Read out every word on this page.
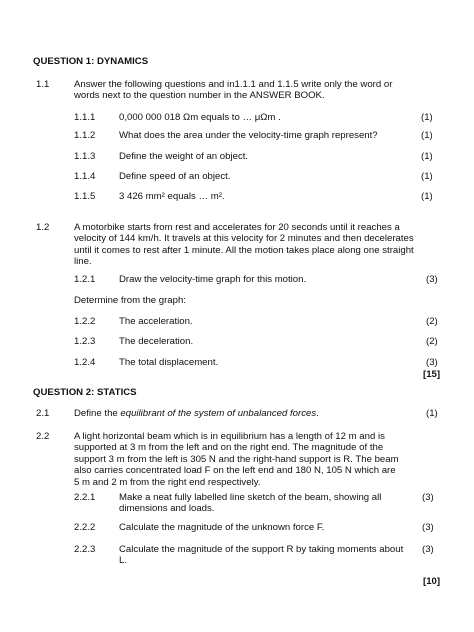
QUESTION 1: DYNAMICS
1.1	Answer the following questions and in1.1.1 and 1.1.5 write only the word or
words next to the question number in the ANSWER BOOK.
1.1.1 0,000 000 018 Ωm equals to … μΩm .	(1)
1.1.2 What does the area under the velocity-time graph represent?	(1)
1.1.3 Define the weight of an object.	(1)
1.1.4 Define speed of an object.	(1)
1.1.5 3 426 mm² equals … m².	(1)
1.2	A motorbike starts from rest and accelerates for 20 seconds until it reaches a
velocity of 144 km/h. It travels at this velocity for 2 minutes and then decelerates
until it comes to rest after 1 minute. All the motion takes place along one straight
line.
1.2.1 Draw the velocity-time graph for this motion.	(3)
Determine from the graph:
1.2.2 The acceleration.	(2)
1.2.3 The deceleration.	(2)
1.2.4 The total displacement.	(3)
[15]
QUESTION 2: STATICS
2.1	Define the equilibrant of the system of unbalanced forces.	(1)
2.2	A light horizontal beam which is in equilibrium has a length of 12 m and is
supported at 3 m from the left and on the right end. The magnitude of the
support 3 m from the left is 305 N and the right-hand support is R. The beam
also carries concentrated load F on the left end and 180 N, 105 N which are
5 m and 2 m from the right end respectively.
2.2.1 Make a neat fully labelled line sketch of the beam, showing all
dimensions and loads.
(3)
2.2.2 Calculate the magnitude of the unknown force F.	(3)
2.2.3 Calculate the magnitude of the support R by taking moments about
L.
(3)
[10]
